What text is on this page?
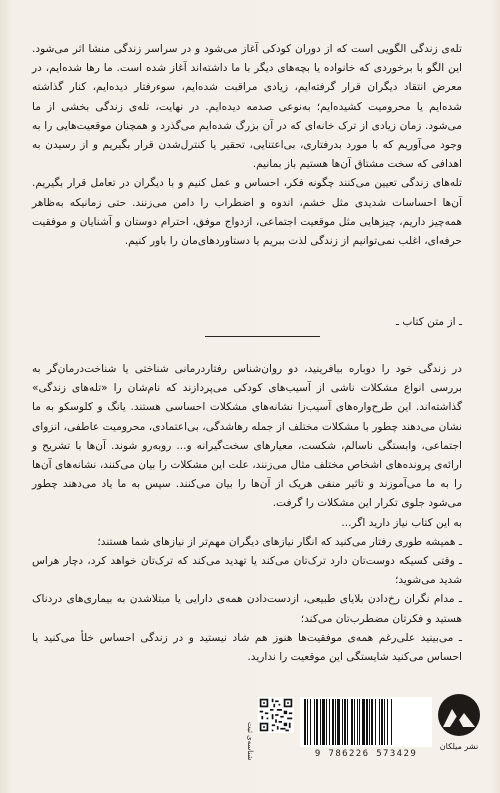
تله‌ی زندگی الگویی است که از دوران کودکی آغاز می‌شود و در سراسر زندگی منشا اثر می‌شود. این الگو با برخوردی که خانواده یا بچه‌های دیگر با ما داشته‌اند آغاز شده است. ما رها شده‌ایم، در معرض انتقاد دیگران قرار گرفته‌ایم، زیادی مراقبت شده‌ایم، سوءرفتار دیده‌ایم، کنار گذاشته شده‌ایم یا محرومیت کشیده‌ایم؛ به‌نوعی صدمه دیده‌ایم. در نهایت، تله‌ی زندگی بخشی از ما می‌شود. زمان زیادی از ترک خانه‌ای که در آن بزرگ شده‌ایم می‌گذرد و همچنان موقعیت‌هایی را به وجود می‌آوریم که با مورد بدرفتاری، بی‌اعتنایی، تحقیر یا کنترل‌شدن قرار بگیریم و از رسیدن به اهدافی که سخت مشتاق آن‌ها هستیم باز بمانیم.

تله‌های زندگی تعیین می‌کنند چگونه فکر، احساس و عمل کنیم و با دیگران در تعامل قرار بگیریم. آن‌ها احساسات شدیدی مثل خشم، اندوه و اضطراب را دامن می‌زنند. حتی زمانیکه به‌ظاهر همه‌چیز داریم، چیزهایی مثل موقعیت اجتماعی، ازدواج موفق، احترام دوستان و آشنایان و موفقیت حرفه‌ای، اغلب نمی‌توانیم از زندگی لذت ببریم یا دستاوردهای‌مان را باور کنیم.

ـ از متن کتاب ـ

در زندگی خود را دوباره بیافرینید، دو روان‌شناس رفتاردرمانی شناختی یا شناخت‌درمان‌گر به بررسی انواع مشکلات ناشی از آسیب‌های کودکی می‌پردازند که نام‌شان را «تله‌های زندگی» گذاشته‌اند. این طرح‌واره‌های آسیب‌زا نشانه‌های مشکلات احساسی هستند. یانگ و کلوسکو به ما نشان می‌دهند چطور با مشکلات مختلف از جمله رهاشدگی، بی‌اعتمادی، محرومیت عاطفی، انزوای اجتماعی، وابستگی ناسالم، شکست، معیارهای سخت‌گیرانه و... روبه‌رو شوند. آن‌ها با تشریح و ارائه‌ی پرونده‌های اشخاص مختلف مثال می‌زنند، علت این مشکلات را بیان می‌کنند، نشانه‌های آن‌ها را به ما می‌آموزند و تاثیر منفی هریک از آن‌ها را بیان می‌کنند. سپس به ما یاد می‌دهند چطور می‌شود جلوی تکرار این مشکلات را گرفت.

به این کتاب نیاز دارید اگر...

ـ همیشه طوری رفتار می‌کنید که انگار نیازهای دیگران مهم‌تر از نیازهای شما هستند؛

ـ وقتی کسیکه دوست‌تان دارد ترک‌تان می‌کند یا تهدید می‌کند که ترک‌تان خواهد کرد، دچار هراس شدید می‌شوید؛

ـ مدام نگران رخ‌دادن بلایای طبیعی، ازدست‌دادن همه‌ی دارایی یا مبتلاشدن به بیماری‌های دردناک هستید و فکرتان مضطرب‌تان می‌کند؛

ـ می‌بینید علی‌رغم همه‌ی موفقیت‌ها هنوز هم شاد نیستید و در زندگی احساس خلأ می‌کنید یا احساس می‌کنید شایستگی این موقعیت را ندارید.

شناسه‌ی ثبت	9 786226 573429
نشر میلکان
